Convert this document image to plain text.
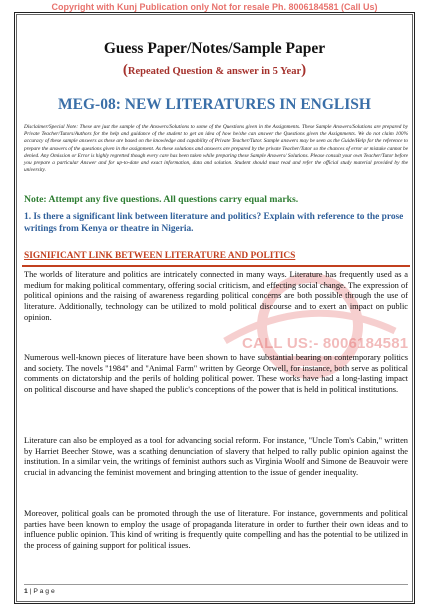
Copyright with Kunj Publication only Not for resale Ph. 8006184581 (Call Us)
Guess Paper/Notes/Sample Paper
(Repeated Question & answer in 5 Year)
MEG-08: NEW LITERATURES IN ENGLISH
Disclaimer/Special Note: These are just the sample of the Answers/Solutions to some of the Questions given in the Assignments. These Sample Answers/Solutions are prepared by Private Teacher/Tutors/Authors for the help and guidance of the student to get an idea of how he/she can answer the Questions given the Assignments. We do not claim 100% accuracy of these sample answers as these are based on the knowledge and capability of Private Teacher/Tutor. Sample answers may be seen as the Guide/Help for the reference to prepare the answers of the questions given in the assignment. As these solutions and answers are prepared by the private Teacher/Tutor so the chances of error or mistake cannot be denied. Any Omission or Error is highly regretted though every care has been taken while preparing these Sample Answers/ Solutions. Please consult your own Teacher/Tutor before you prepare a particular Answer and for up-to-date and exact information, data and solution. Student should must read and refer the official study material provided by the university.
Note: Attempt any five questions. All questions carry equal marks.
1. Is there a significant link between literature and politics? Explain with reference to the prose writings from Kenya or theatre in Nigeria.
SIGNIFICANT LINK BETWEEN LITERATURE AND POLITICS
CALL US:- 8006184581
The worlds of literature and politics are intricately connected in many ways. Literature has frequently used as a medium for making political commentary, offering social criticism, and effecting social change. The expression of political opinions and the raising of awareness regarding political concerns are both possible through the use of literature. Additionally, technology can be utilized to mold political discourse and to exert an impact on public opinion.
Numerous well-known pieces of literature have been shown to have substantial bearing on contemporary politics and society. The novels "1984" and "Animal Farm" written by George Orwell, for instance, both serve as political comments on dictatorship and the perils of holding political power. These works have had a long-lasting impact on political discourse and have shaped the public's conceptions of the power that is held in political institutions.
Literature can also be employed as a tool for advancing social reform. For instance, "Uncle Tom's Cabin," written by Harriet Beecher Stowe, was a scathing denunciation of slavery that helped to rally public opinion against the institution. In a similar vein, the writings of feminist authors such as Virginia Woolf and Simone de Beauvoir were crucial in advancing the feminist movement and bringing attention to the issue of gender inequality.
Moreover, political goals can be promoted through the use of literature. For instance, governments and political parties have been known to employ the usage of propaganda literature in order to further their own ideas and to influence public opinion. This kind of writing is frequently quite compelling and has the potential to be utilized in the process of gaining support for political issues.
1 | P a g e
